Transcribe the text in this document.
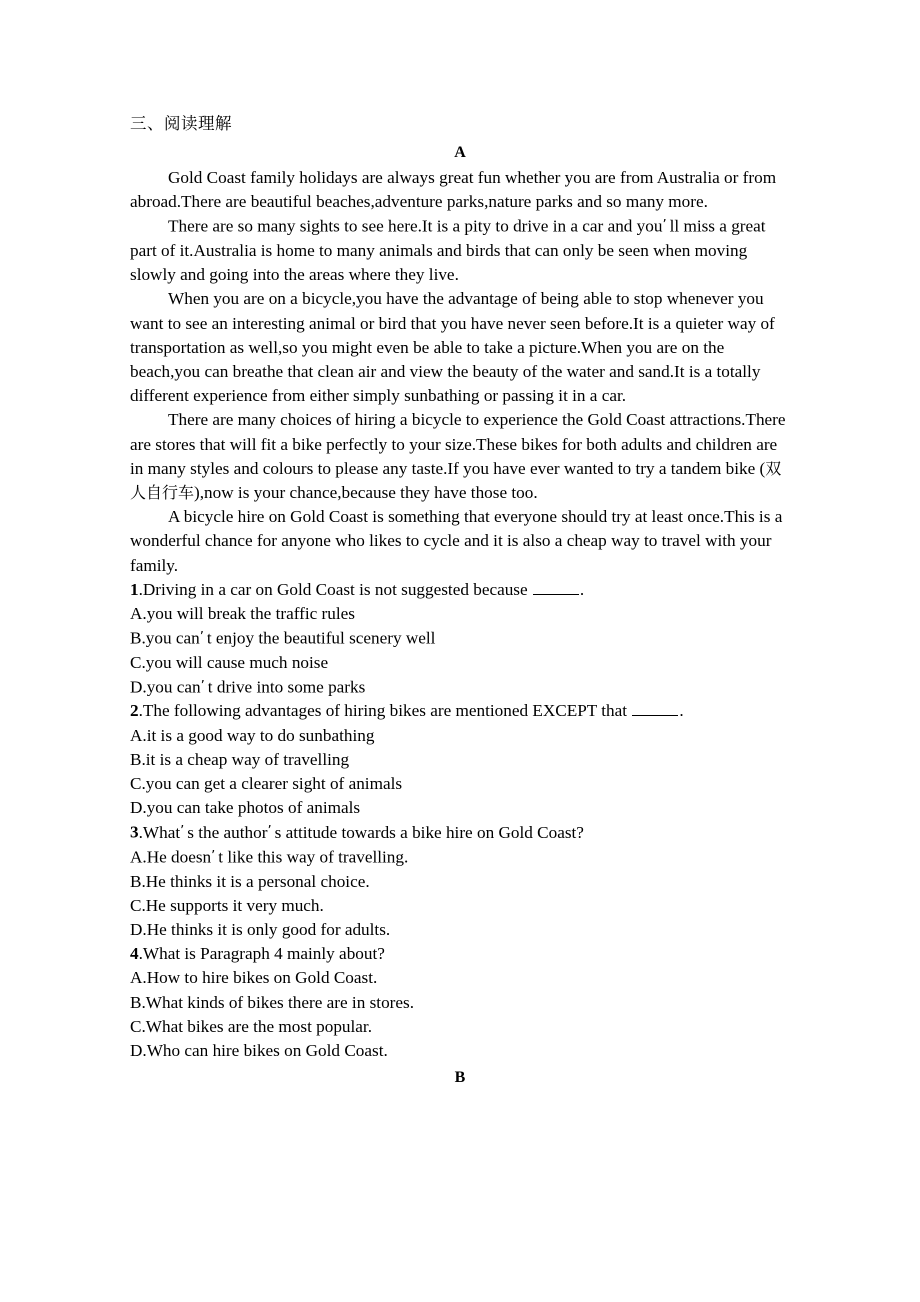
三、阅读理解
A

Gold Coast family holidays are always great fun whether you are from Australia or from abroad.There are beautiful beaches,adventure parks,nature parks and so many more.

There are so many sights to see here.It is a pity to drive in a car and you’ ll miss a great part of it.Australia is home to many animals and birds that can only be seen when moving slowly and going into the areas where they live.

When you are on a bicycle,you have the advantage of being able to stop whenever you want to see an interesting animal or bird that you have never seen before.It is a quieter way of transportation as well,so you might even be able to take a picture.When you are on the beach,you can breathe that clean air and view the beauty of the water and sand.It is a totally different experience from either simply sunbathing or passing it in a car.

There are many choices of hiring a bicycle to experience the Gold Coast attractions.There are stores that will fit a bike perfectly to your size.These bikes for both adults and children are in many styles and colours to please any taste.If you have ever wanted to try a tandem bike (双人自行车),now is your chance,because they have those too.

A bicycle hire on Gold Coast is something that everyone should try at least once.This is a wonderful chance for anyone who likes to cycle and it is also a cheap way to travel with your family.

1.Driving in a car on Gold Coast is not suggested because	.

A.you will break the traffic rules

B.you can’ t enjoy the beautiful scenery well

C.you will cause much noise

D.you can’ t drive into some parks

2.The following advantages of hiring bikes are mentioned EXCEPT that	.

A.it is a good way to do sunbathing

B.it is a cheap way of travelling

C.you can get a clearer sight of animals

D.you can take photos of animals

3.What’ s the author’ s attitude towards a bike hire on Gold Coast?

A.He doesn’ t like this way of travelling.

B.He thinks it is a personal choice.

C.He supports it very much.

D.He thinks it is only good for adults.

4.What is Paragraph 4 mainly about?

A.How to hire bikes on Gold Coast.

B.What kinds of bikes there are in stores.

C.What bikes are the most popular.

D.Who can hire bikes on Gold Coast.

B
